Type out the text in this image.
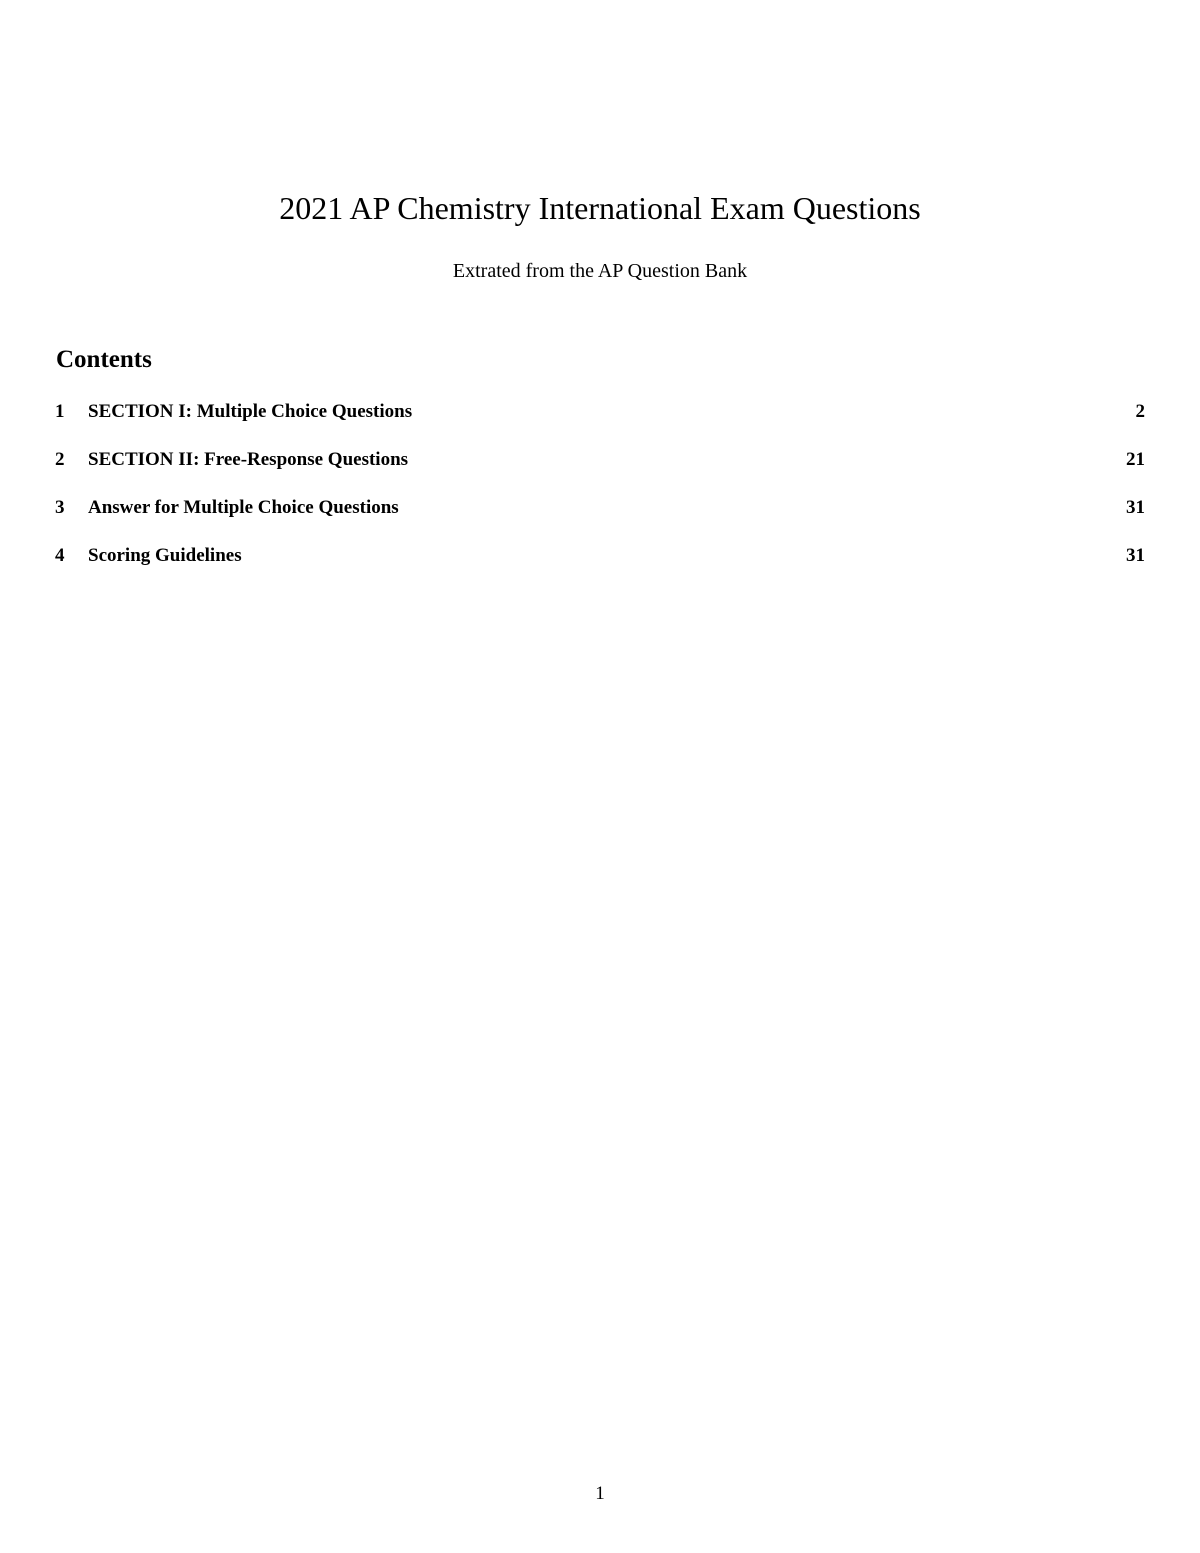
2021 AP Chemistry International Exam Questions
Extrated from the AP Question Bank
Contents
1	SECTION I: Multiple Choice Questions	2
2	SECTION II: Free-Response Questions	21
3	Answer for Multiple Choice Questions	31
4	Scoring Guidelines	31
1
